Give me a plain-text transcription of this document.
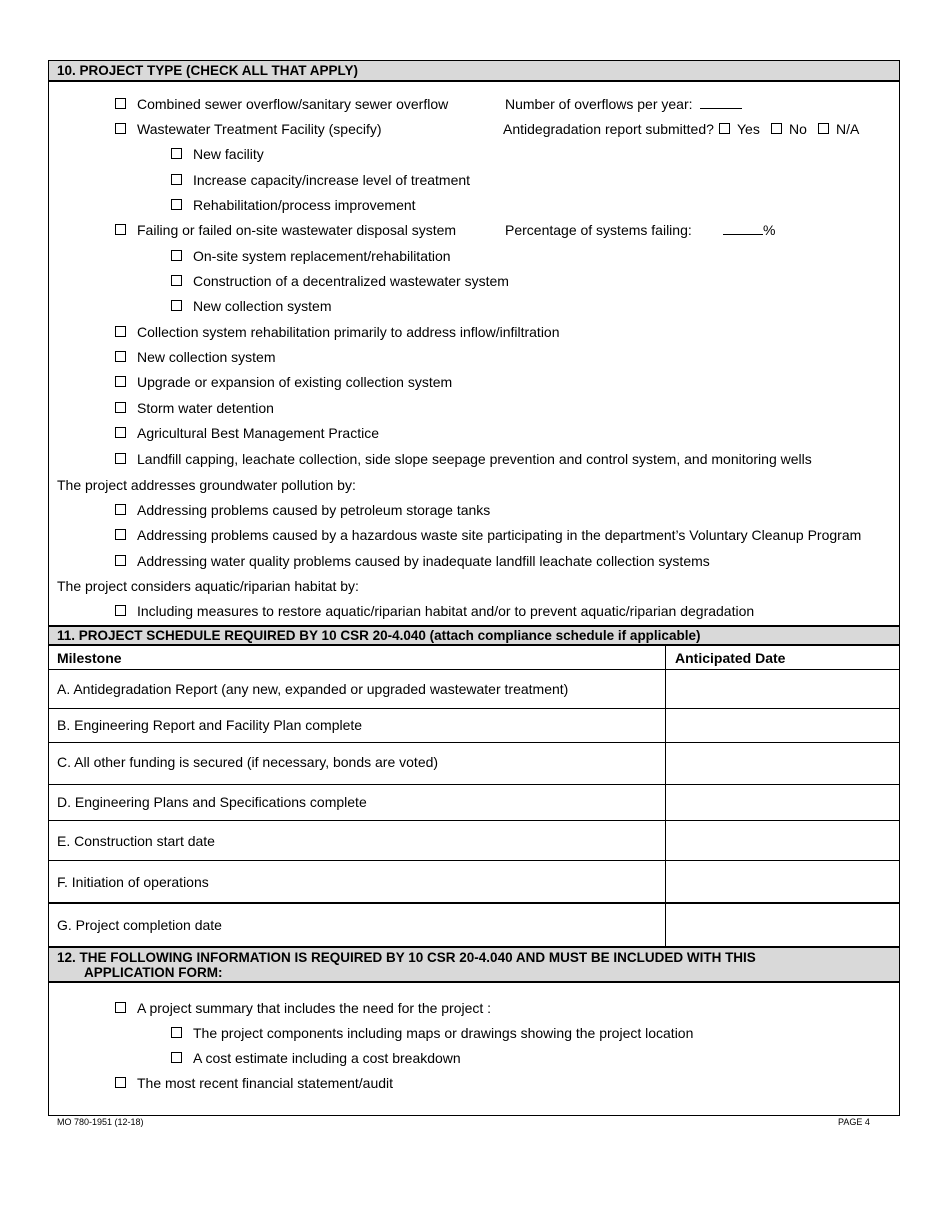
10. PROJECT TYPE (CHECK ALL THAT APPLY)
Combined sewer overflow/sanitary sewer overflow	Number of overflows per year:
Wastewater Treatment Facility (specify)	Antidegradation report submitted? Yes No N/A
New facility
Increase capacity/increase level of treatment
Rehabilitation/process improvement
Failing or failed on-site wastewater disposal system	Percentage of systems failing:	%
On-site system replacement/rehabilitation
Construction of a decentralized wastewater system
New collection system
Collection system rehabilitation primarily to address inflow/infiltration
New collection system
Upgrade or expansion of existing collection system
Storm water detention
Agricultural Best Management Practice
Landfill capping, leachate collection, side slope seepage prevention and control system, and monitoring wells
The project addresses groundwater pollution by:
Addressing problems caused by petroleum storage tanks
Addressing problems caused by a hazardous waste site participating in the department’s Voluntary Cleanup Program
Addressing water quality problems caused by inadequate landfill leachate collection systems
The project considers aquatic/riparian habitat by:
Including measures to restore aquatic/riparian habitat and/or to prevent aquatic/riparian degradation
11. PROJECT SCHEDULE REQUIRED BY 10 CSR 20-4.040 (attach compliance schedule if applicable)
Milestone	Anticipated Date
A. Antidegradation Report (any new, expanded or upgraded wastewater treatment)
B. Engineering Report and Facility Plan complete
C. All other funding is secured (if necessary, bonds are voted)
D. Engineering Plans and Specifications complete
E. Construction start date
F. Initiation of operations
G. Project completion date
12. THE FOLLOWING INFORMATION IS REQUIRED BY 10 CSR 20-4.040 AND MUST BE INCLUDED WITH THIS
APPLICATION FORM:
A project summary that includes the need for the project :
The project components including maps or drawings showing the project location
A cost estimate including a cost breakdown
The most recent financial statement/audit
MO 780-1951 (12-18)	PAGE 4
